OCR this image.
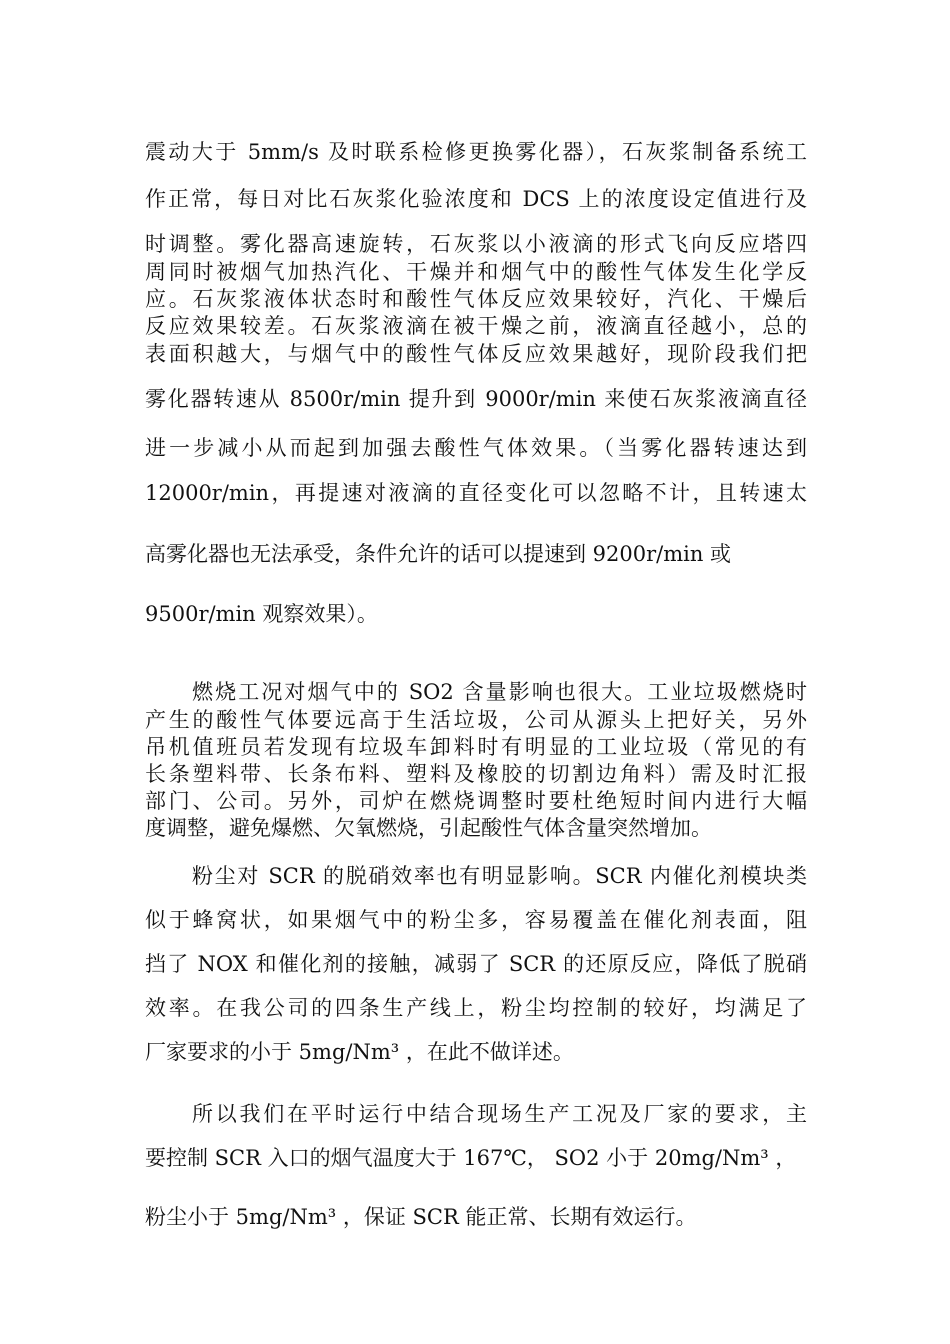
震动大于 5mm/s 及时联系检修更换雾化器），石灰浆制备系统工
作正常，每日对比石灰浆化验浓度和 DCS 上的浓度设定值进行及
时调整。雾化器高速旋转，石灰浆以小液滴的形式飞向反应塔四
周同时被烟气加热汽化、干燥并和烟气中的酸性气体发生化学反
应。石灰浆液体状态时和酸性气体反应效果较好，汽化、干燥后
反应效果较差。石灰浆液滴在被干燥之前，液滴直径越小，总的
表面积越大，与烟气中的酸性气体反应效果越好，现阶段我们把
雾化器转速从 8500r/min 提升到 9000r/min 来使石灰浆液滴直径
进一步减小从而起到加强去酸性气体效果。（当雾化器转速达到
12000r/min，再提速对液滴的直径变化可以忽略不计，且转速太
高雾化器也无法承受，条件允许的话可以提速到 9200r/min 或
9500r/min 观察效果）。
燃烧工况对烟气中的 SO2 含量影响也很大。工业垃圾燃烧时
产生的酸性气体要远高于生活垃圾，公司从源头上把好关，另外
吊机值班员若发现有垃圾车卸料时有明显的工业垃圾（常见的有
长条塑料带、长条布料、塑料及橡胶的切割边角料）需及时汇报
部门、公司。另外，司炉在燃烧调整时要杜绝短时间内进行大幅
度调整，避免爆燃、欠氧燃烧，引起酸性气体含量突然增加。
粉尘对 SCR 的脱硝效率也有明显影响。SCR 内催化剂模块类
似于蜂窝状，如果烟气中的粉尘多，容易覆盖在催化剂表面，阻
挡了 NOX 和催化剂的接触，减弱了 SCR 的还原反应，降低了脱硝
效率。在我公司的四条生产线上，粉尘均控制的较好，均满足了
厂家要求的小于 5mg/Nm³ ，在此不做详述。
所以我们在平时运行中结合现场生产工况及厂家的要求，主
要控制 SCR 入口的烟气温度大于 167℃， SO2 小于 20mg/Nm³ ，
粉尘小于 5mg/Nm³ ，保证 SCR 能正常、长期有效运行。
